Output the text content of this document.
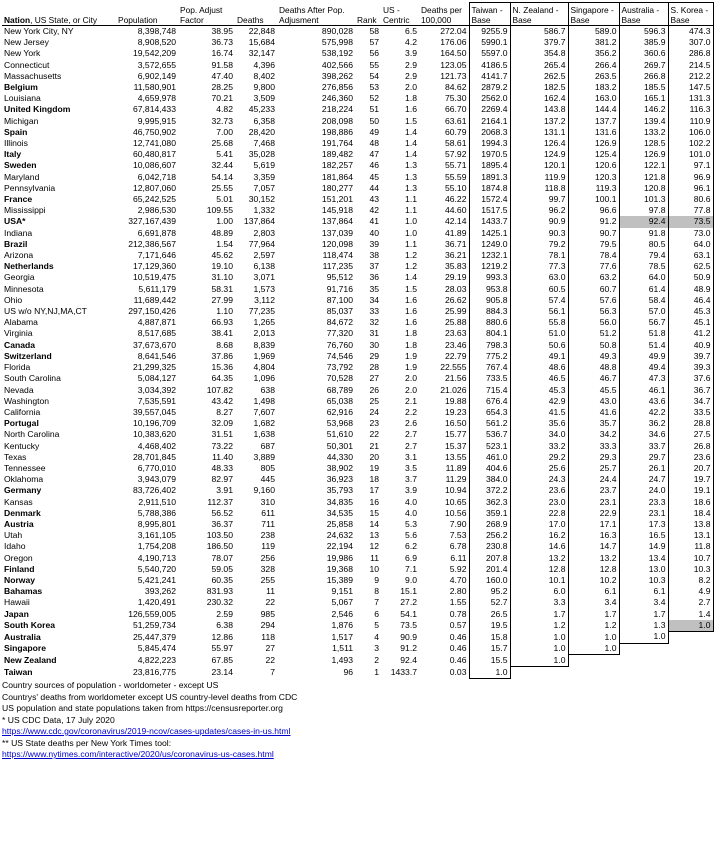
Nation, US State, or City	Population	Pop. Adjust Factor	Deaths	Deaths After Pop. Adjusment	Rank	US - Centric	Deaths per 100,000	Taiwan - Base	N. Zealand - Base	Singapore - Base	Australia - Base	S. Korea - Base
New York City, NY	8,398,748	38.95	22,848	890,028	58	6.5	272.04	9255.9	586.7	589.0	596.3	474.3
New Jersey	8,908,520	36.73	15,684	575,998	57	4.2	176.06	5990.1	379.7	381.2	385.9	307.0
New York	19,542,209	16.74	32,147	538,192	56	3.9	164.50	5597.0	354.8	356.2	360.6	286.8
Connecticut	3,572,655	91.58	4,396	402,566	55	2.9	123.05	4186.5	265.4	266.4	269.7	214.5
Massachusetts	6,902,149	47.40	8,402	398,262	54	2.9	121.73	4141.7	262.5	263.5	266.8	212.2
Belgium	11,580,901	28.25	9,800	276,856	53	2.0	84.62	2879.2	182.5	183.2	185.5	147.5
Louisiana	4,659,978	70.21	3,509	246,360	52	1.8	75.30	2562.0	162.4	163.0	165.1	131.3
United Kingdom	67,814,433	4.82	45,233	218,224	51	1.6	66.70	2269.4	143.8	144.4	146.2	116.3
Michigan	9,995,915	32.73	6,358	208,098	50	1.5	63.61	2164.1	137.2	137.7	139.4	110.9
Spain	46,750,902	7.00	28,420	198,886	49	1.4	60.79	2068.3	131.1	131.6	133.2	106.0
Illinois	12,741,080	25.68	7,468	191,764	48	1.4	58.61	1994.3	126.4	126.9	128.5	102.2
Italy	60,480,817	5.41	35,028	189,482	47	1.4	57.92	1970.5	124.9	125.4	126.9	101.0
Sweden	10,086,607	32.44	5,619	182,257	46	1.3	55.71	1895.4	120.1	120.6	122.1	97.1
Maryland	6,042,718	54.14	3,359	181,864	45	1.3	55.59	1891.3	119.9	120.3	121.8	96.9
Pennsylvania	12,807,060	25.55	7,057	180,277	44	1.3	55.10	1874.8	118.8	119.3	120.8	96.1
France	65,242,525	5.01	30,152	151,201	43	1.1	46.22	1572.4	99.7	100.1	101.3	80.6
Mississippi	2,986,530	109.55	1,332	145,918	42	1.1	44.60	1517.5	96.2	96.6	97.8	77.8
USA*	327,167,439	1.00	137,864	137,864	41	1.0	42.14	1433.7	90.9	91.2	92.4	73.5
Indiana	6,691,878	48.89	2,803	137,039	40	1.0	41.89	1425.1	90.3	90.7	91.8	73.0
Brazil	212,386,567	1.54	77,964	120,098	39	1.1	36.71	1249.0	79.2	79.5	80.5	64.0
Arizona	7,171,646	45.62	2,597	118,474	38	1.2	36.21	1232.1	78.1	78.4	79.4	63.1
Netherlands	17,129,360	19.10	6,138	117,235	37	1.2	35.83	1219.2	77.3	77.6	78.5	62.5
Georgia	10,519,475	31.10	3,071	95,512	36	1.4	29.19	993.3	63.0	63.2	64.0	50.9
Minnesota	5,611,179	58.31	1,573	91,716	35	1.5	28.03	953.8	60.5	60.7	61.4	48.9
Ohio	11,689,442	27.99	3,112	87,100	34	1.6	26.62	905.8	57.4	57.6	58.4	46.4
US w/o NY,NJ,MA,CT	297,150,426	1.10	77,235	85,037	33	1.6	25.99	884.3	56.1	56.3	57.0	45.3
Alabama	4,887,871	66.93	1,265	84,672	32	1.6	25.88	880.6	55.8	56.0	56.7	45.1
Virginia	8,517,685	38.41	2,013	77,320	31	1.8	23.63	804.1	51.0	51.2	51.8	41.2
Canada	37,673,670	8.68	8,839	76,760	30	1.8	23.46	798.3	50.6	50.8	51.4	40.9
Switzerland	8,641,546	37.86	1,969	74,546	29	1.9	22.79	775.2	49.1	49.3	49.9	39.7
Florida	21,299,325	15.36	4,804	73,792	28	1.9	22.555	767.4	48.6	48.8	49.4	39.3
South Carolina	5,084,127	64.35	1,096	70,528	27	2.0	21.56	733.5	46.5	46.7	47.3	37.6
Nevada	3,034,392	107.82	638	68,789	26	2.0	21.026	715.4	45.3	45.5	46.1	36.7
Washington	7,535,591	43.42	1,498	65,038	25	2.1	19.88	676.4	42.9	43.0	43.6	34.7
California	39,557,045	8.27	7,607	62,916	24	2.2	19.23	654.3	41.5	41.6	42.2	33.5
Portugal	10,196,709	32.09	1,682	53,968	23	2.6	16.50	561.2	35.6	35.7	36.2	28.8
North Carolina	10,383,620	31.51	1,638	51,610	22	2.7	15.77	536.7	34.0	34.2	34.6	27.5
Kentucky	4,468,402	73.22	687	50,301	21	2.7	15.37	523.1	33.2	33.3	33.7	26.8
Texas	28,701,845	11.40	3,889	44,330	20	3.1	13.55	461.0	29.2	29.3	29.7	23.6
Tennessee	6,770,010	48.33	805	38,902	19	3.5	11.89	404.6	25.6	25.7	26.1	20.7
Oklahoma	3,943,079	82.97	445	36,923	18	3.7	11.29	384.0	24.3	24.4	24.7	19.7
Germany	83,726,402	3.91	9,160	35,793	17	3.9	10.94	372.2	23.6	23.7	24.0	19.1
Kansas	2,911,510	112.37	310	34,835	16	4.0	10.65	362.3	23.0	23.1	23.3	18.6
Denmark	5,788,386	56.52	611	34,535	15	4.0	10.56	359.1	22.8	22.9	23.1	18.4
Austria	8,995,801	36.37	711	25,858	14	5.3	7.90	268.9	17.0	17.1	17.3	13.8
Utah	3,161,105	103.50	238	24,632	13	5.6	7.53	256.2	16.2	16.3	16.5	13.1
Idaho	1,754,208	186.50	119	22,194	12	6.2	6.78	230.8	14.6	14.7	14.9	11.8
Oregon	4,190,713	78.07	256	19,986	11	6.9	6.11	207.8	13.2	13.2	13.4	10.7
Finland	5,540,720	59.05	328	19,368	10	7.1	5.92	201.4	12.8	12.8	13.0	10.3
Norway	5,421,241	60.35	255	15,389	9	9.0	4.70	160.0	10.1	10.2	10.3	8.2
Bahamas	393,262	831.93	11	9,151	8	15.1	2.80	95.2	6.0	6.1	6.1	4.9
Hawaii	1,420,491	230.32	22	5,067	7	27.2	1.55	52.7	3.3	3.4	3.4	2.7
Japan	126,559,005	2.59	985	2,546	6	54.1	0.78	26.5	1.7	1.7	1.7	1.4
South Korea	51,259,734	6.38	294	1,876	5	73.5	0.57	19.5	1.2	1.2	1.3	1.0
Australia	25,447,379	12.86	118	1,517	4	90.9	0.46	15.8	1.0	1.0	1.0	
Singapore	5,845,474	55.97	27	1,511	3	91.2	0.46	15.7	1.0	1.0		
New Zealand	4,822,223	67.85	22	1,493	2	92.4	0.46	15.5	1.0			
Taiwan	23,816,775	23.14	7	96	1	1433.7	0.03	1.0				
Country sources of population - worldometer - except US
Countrys' deaths from worldometer except US country-level deaths from CDC
US population and state populations taken from https://censusreporter.org
* US CDC Data, 17 July 2020
https://www.cdc.gov/coronavirus/2019-ncov/cases-updates/cases-in-us.html
** US State deaths per New York Times tool:
https://www.nytimes.com/interactive/2020/us/coronavirus-us-cases.html
